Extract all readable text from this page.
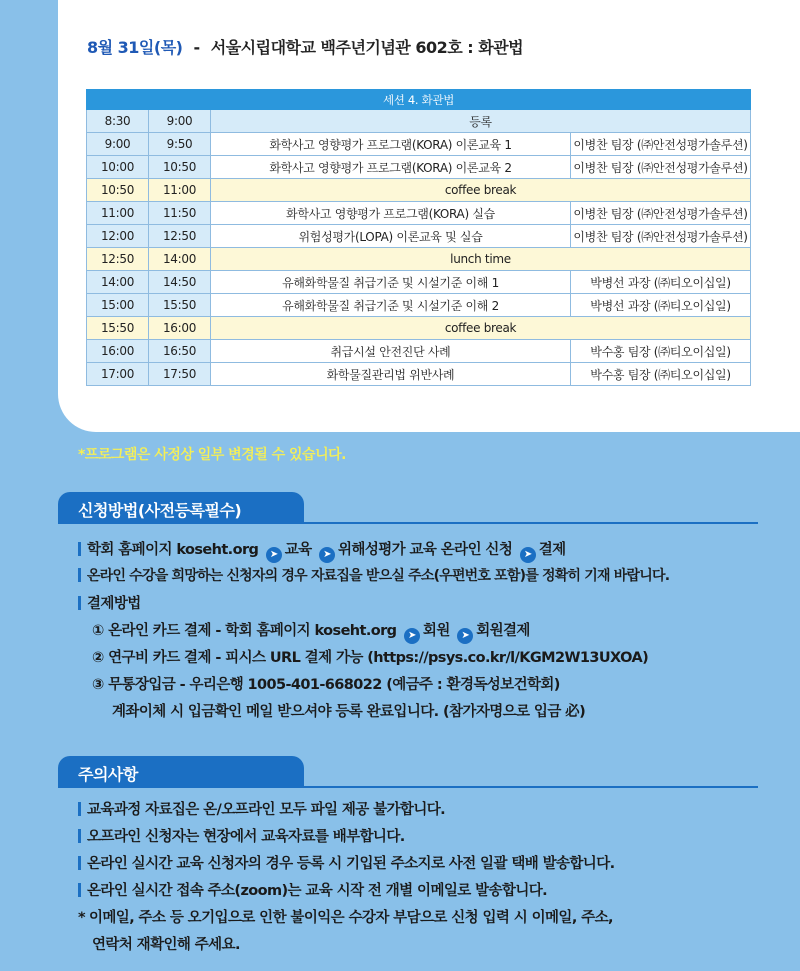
8월 31일(목) - 서울시립대학교 백주년기념관 602호 : 화관법
세션 4. 화관법			
8:30	9:00	등록	
9:00	9:50	화학사고 영향평가 프로그램(KORA) 이론교육 1	이병찬 팀장 (㈜안전성평가솔루션)
10:00	10:50	화학사고 영향평가 프로그램(KORA) 이론교육 2	이병찬 팀장 (㈜안전성평가솔루션)
10:50	11:00	coffee break	
11:00	11:50	화학사고 영향평가 프로그램(KORA) 실습	이병찬 팀장 (㈜안전성평가솔루션)
12:00	12:50	위험성평가(LOPA) 이론교육 및 실습	이병찬 팀장 (㈜안전성평가솔루션)
12:50	14:00	lunch time	
14:00	14:50	유해화학물질 취급기준 및 시설기준 이해 1	박병선 과장 (㈜티오이십일)
15:00	15:50	유해화학물질 취급기준 및 시설기준 이해 2	박병선 과장 (㈜티오이십일)
15:50	16:00	coffee break	
16:00	16:50	취급시설 안전진단 사례	박수홍 팀장 (㈜티오이십일)
17:00	17:50	화학물질관리법 위반사례	박수홍 팀장 (㈜티오이십일)
*프로그램은 사정상 일부 변경될 수 있습니다.
신청방법(사전등록필수)
학회 홈페이지 koseht.org ➤ 교육 ➤ 위해성평가 교육 온라인 신청 ➤ 결제
온라인 수강을 희망하는 신청자의 경우 자료집을 받으실 주소(우편번호 포함)를 정확히 기재 바랍니다.
결제방법
① 온라인 카드 결제 - 학회 홈페이지 koseht.org ➤ 회원 ➤ 회원결제
② 연구비 카드 결제 - 피시스 URL 결제 가능 (https://psys.co.kr/l/KGM2W13UXOA)
③ 무통장입금 - 우리은행 1005-401-668022 (예금주 : 환경독성보건학회)
계좌이체 시 입금확인 메일 받으셔야 등록 완료입니다. (참가자명으로 입금 必)
주의사항
교육과정 자료집은 온/오프라인 모두 파일 제공 불가합니다.
오프라인 신청자는 현장에서 교육자료를 배부합니다.
온라인 실시간 교육 신청자의 경우 등록 시 기입된 주소지로 사전 일괄 택배 발송합니다.
온라인 실시간 접속 주소(zoom)는 교육 시작 전 개별 이메일로 발송합니다.
* 이메일, 주소 등 오기입으로 인한 불이익은 수강자 부담으로 신청 입력 시 이메일, 주소,
연락처 재확인해 주세요.
